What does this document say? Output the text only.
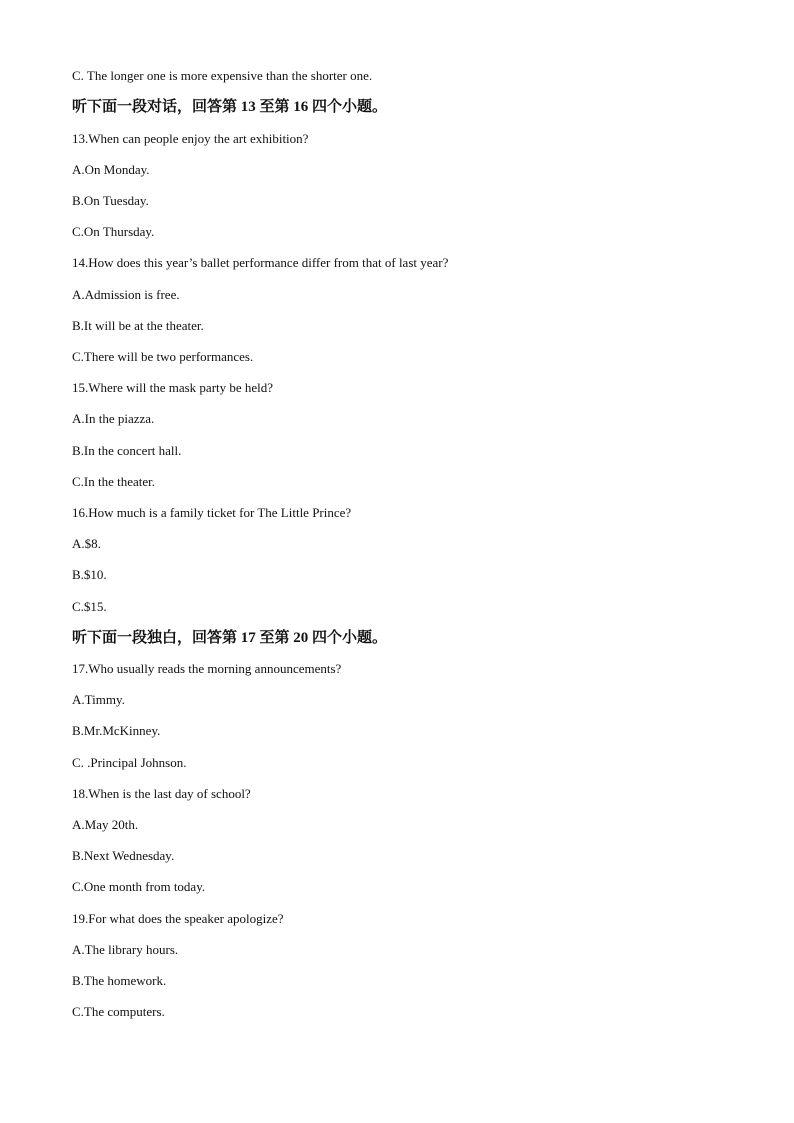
C. The longer one is more expensive than the shorter one.
听下面一段对话，回答第 13 至第 16 四个小题。
13.When can people enjoy the art exhibition?
A.On Monday.
B.On Tuesday.
C.On Thursday.
14.How does this year’s ballet performance differ from that of last year?
A.Admission is free.
B.It will be at the theater.
C.There will be two performances.
15.Where will the mask party be held?
A.In the piazza.
B.In the concert hall.
C.In the theater.
16.How much is a family ticket for The Little Prince?
A.$8.
B.$10.
C.$15.
听下面一段独白，回答第 17 至第 20 四个小题。
17.Who usually reads the morning announcements?
A.Timmy.
B.Mr.McKinney.
C. .Principal Johnson.
18.When is the last day of school?
A.May 20th.
B.Next Wednesday.
C.One month from today.
19.For what does the speaker apologize?
A.The library hours.
B.The homework.
C.The computers.
